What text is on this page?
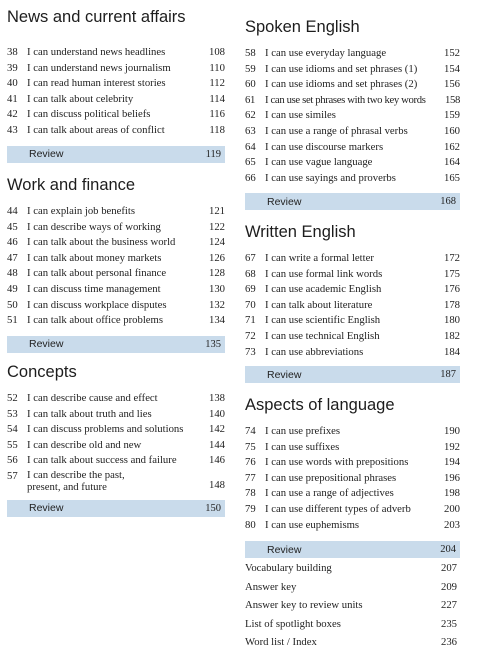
News and current affairs
38 I can understand news headlines	108
39 I can understand news journalism	110
40 I can read human interest stories	112
41 I can talk about celebrity	114
42 I can discuss political beliefs	116
43 I can talk about areas of conflict	118
Review	119
Work and finance
44 I can explain job benefits	121
45 I can describe ways of working	122
46 I can talk about the business world	124
47 I can talk about money markets	126
48 I can talk about personal finance	128
49 I can discuss time management	130
50 I can discuss workplace disputes	132
51 I can talk about office problems	134
Review	135
Concepts
52 I can describe cause and effect	138
53 I can talk about truth and lies	140
54 I can discuss problems and solutions	142
55 I can describe old and new	144
56 I can talk about success and failure	146
57 I can describe the past, present, and future	148
Review	150
Spoken English
58 I can use everyday language	152
59 I can use idioms and set phrases (1)	154
60 I can use idioms and set phrases (2)	156
61 I can use set phrases with two key words	158
62 I can use similes	159
63 I can use a range of phrasal verbs	160
64 I can use discourse markers	162
65 I can use vague language	164
66 I can use sayings and proverbs	165
Review	168
Written English
67 I can write a formal letter	172
68 I can use formal link words	175
69 I can use academic English	176
70 I can talk about literature	178
71 I can use scientific English	180
72 I can use technical English	182
73 I can use abbreviations	184
Review	187
Aspects of language
74 I can use prefixes	190
75 I can use suffixes	192
76 I can use words with prepositions	194
77 I can use prepositional phrases	196
78 I can use a range of adjectives	198
79 I can use different types of adverb	200
80 I can use euphemisms	203
Review	204
Vocabulary building	207
Answer key	209
Answer key to review units	227
List of spotlight boxes	235
Word list / Index	236
